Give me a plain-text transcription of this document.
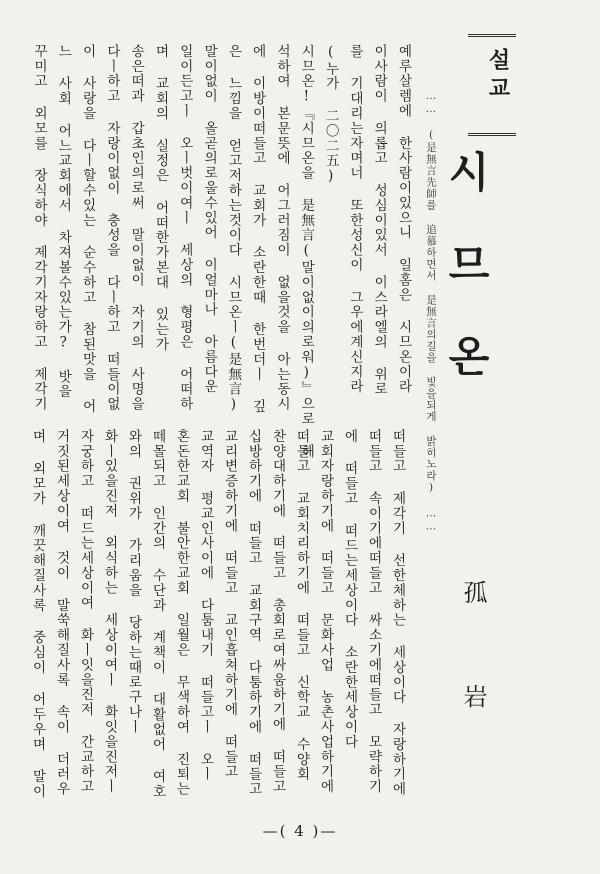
설교
…… (是無言先師를 追慕하면서 是無言의길을 빛을되게 밝히노라) …… 시므온
孤岩
예루살렘에 한사람이있으니 일홈은 시므온이라
이사람이 의롭고 성심이있서 이스라엘의 위로
를 기대리는자며너 또한성신이 그우에계신지라
(누가 二〇二五)
시므온!『시므온을 是無言(말이없이의로워)』으로 해
석하여 본문뜻에 어그러짐이 없을것을 아는동시
에 이방이떠들고 교회가 소란한때 한번더ㅣ 깊
은 느낌을 얻고저하는것이다 시므온ㅣ(是無言)
말이없이 올곧의로울수있어 이얼마나 아름다운
일이든고ㅣ 오ㅣ벗이여ㅣ 세상의 형평은 어떠하
며 교회의 실정은 어떠한가본대 있는가
송은떠과 갑초인의로써 말이없이 자기의 사명을
다ㅣ하고 자랑이없이 충성을 다ㅣ하고 떠들이없
이 사랑을 다ㅣ할수있는 순수하고 참된맛을 어
느 사회 어느교회에서 차져볼수있는가? 밧을
꾸미고 외모를 장식하야 제각기자랑하고 제각기
떠들고 제각기 선한체하는 세상이다 자랑하기에
떠들고 속이기에떠들고 싸소기에떠들고 모략하기
에 떠들고 떠드는세상이다 소란한세상이다
교회자랑하기에 떠들고 문화사업 농촌사업하기에
떠들고 교회치리하기에 떠들고 신학교 수양회
찬양대하기에 떠들고 총회로여싸움하기에 떠들고
십방하기에 떠들고 교회구역 다툼하기에 떠들고
교리변증하기에 떠들고 교인흡쳐하기에 떠들고
교역자 평교인사이에 다툼내기 떠들고ㅣ 오ㅣ
혼돈한교회 불안한교회 일월은 무색하여 진퇴는
떼몰되고 인간의 수단과 계책이 대활없어 여호
와의 권위가 가리움을 당하는때로구나ㅣ
화ㅣ있을진저 외식하는 세상이여ㅣ 화잇을진저ㅣ
자궁하고 떠드는세상이여 화ㅣ잇을진저 간교하고
거짓된세상이여 것이 말쑥해질사록 속이 더러우
며 외모가 깨끗해질사록 중심이 어두우며 말이
—( 4 )—
